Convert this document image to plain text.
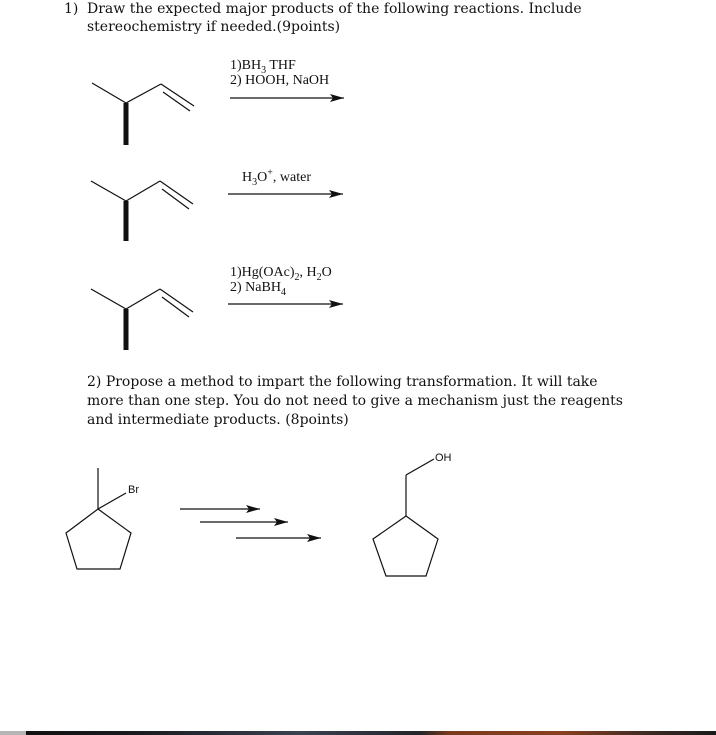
1) Draw the expected major products of the following reactions. Include
stereochemistry if needed.(9points)
$1)BH_3$ THF
2) HOOH, NaOH
$H_3O^+$, water
$1)Hg(OAc)_2$, $H_2O$
2) NaBH$_4$
2) Propose a method to impart the following transformation. It will take
more than one step. You do not need to give a mechanism just the reagents
and intermediate products. (8points)
Br
OH
